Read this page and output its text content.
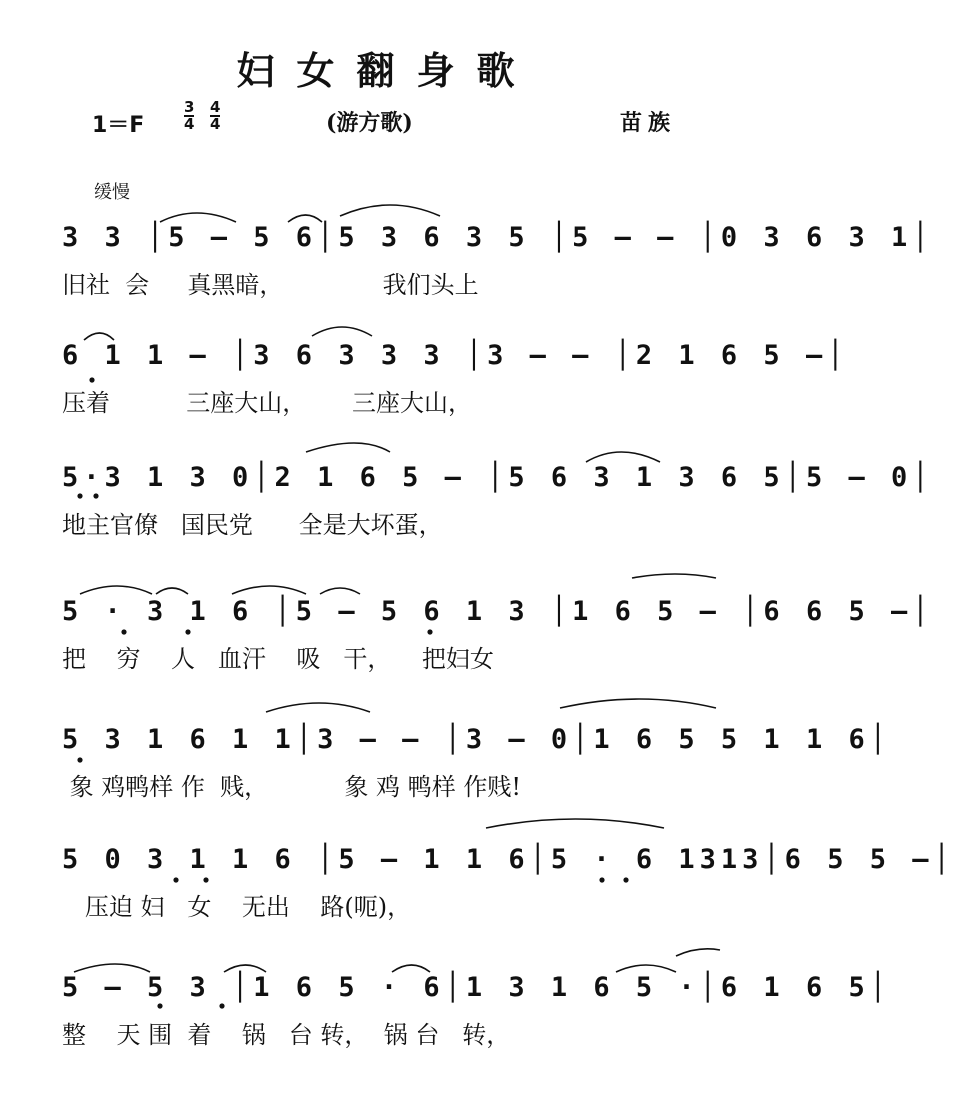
妇女翻身歌
1＝F
3
4
4
4	(游方歌)	苗族
缓慢
3 3 │5 – 5 6│5 3 6 3 5 │5 – – │0 3 6 3 1│
旧社  会     真黑暗，             我们头上
6 1 1 – │3 6 3 3 3 │3 – – │2 1 6 5 –│
压着          三座大山，      三座大山，
5·3 1 3 0│2 1 6 5 – │5 6 3 1 3 6 5│5 – 0│
地主官僚   国民党      全是大坏蛋，
5 · 3 1 6 │5 – 5 6 1 3 │1 6 5 – │6 6 5 –│
把    穷    人   血汗    吸   干，    把妇女
5 3 1 6 1 1│3 – – │3 – 0│1 6 5 5 1 1 6│
象 鸡鸭样 作  贱，          象 鸡 鸭样 作贱!
5 0 3 1 1 6 │5 – 1 1 6│5 · 6 1313│6 5 5 –│
压迫 妇   女    无出    路(呃)，
5 – 5 3 │1 6 5 · 6│1 3 1 6 5 ·│6 1 6 5│
整    天 围  着    锅   台 转，  锅 台   转，
